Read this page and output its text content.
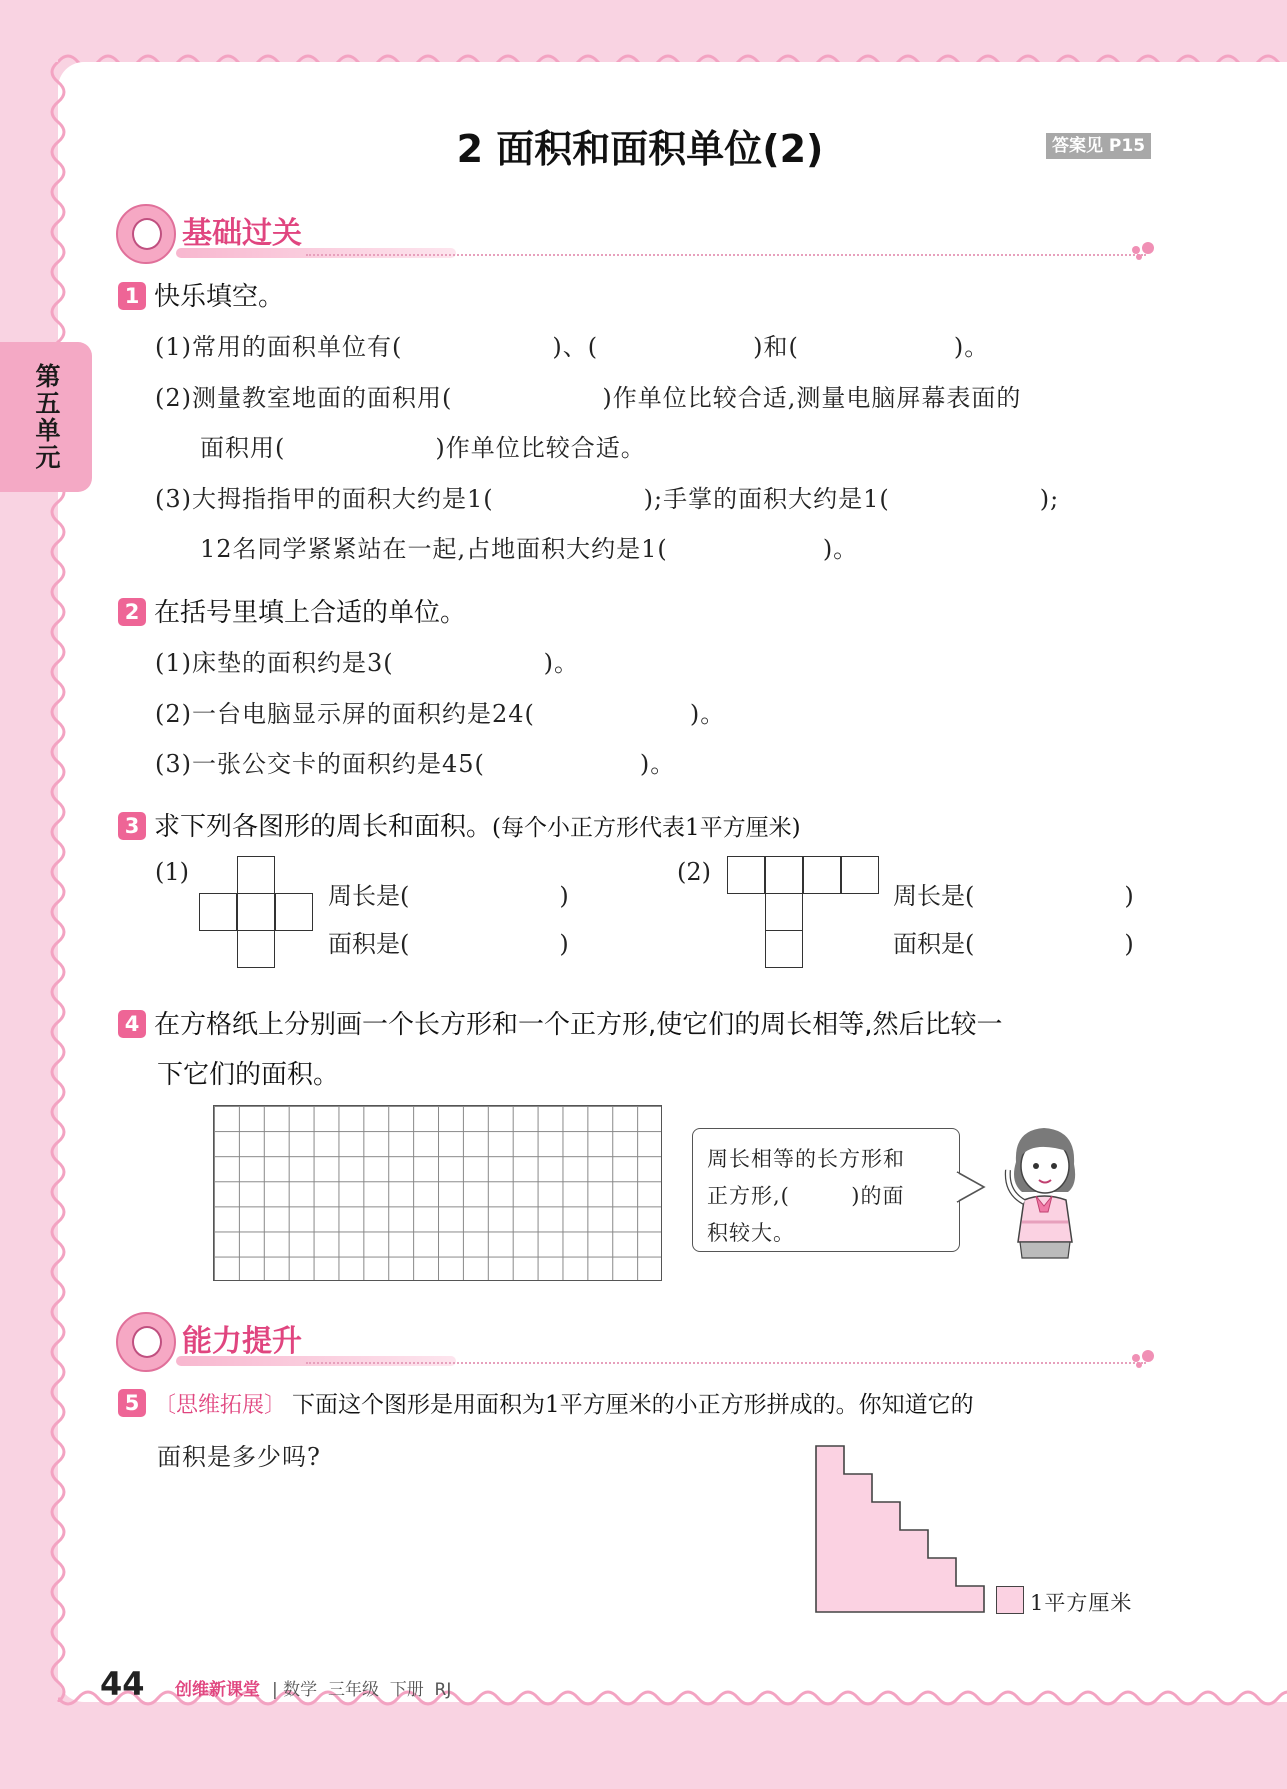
第五单元
2 面积和面积单位(2)	答案见 P15
基础过关
1 快乐填空。
(1)常用的面积单位有(	)、(	)和(	)。
(2)测量教室地面的面积用(	)作单位比较合适,测量电脑屏幕表面的
面积用(	)作单位比较合适。
(3)大拇指指甲的面积大约是1(	);手掌的面积大约是1(	);
12名同学紧紧站在一起,占地面积大约是1(	)。
2 在括号里填上合适的单位。
(1)床垫的面积约是3(	)。
(2)一台电脑显示屏的面积约是24(	)。
(3)一张公交卡的面积约是45(	)。
3 求下列各图形的周长和面积。(每个小正方形代表1平方厘米)
(1)
周长是(	)
面积是(	)
(2)
周长是(	)
面积是(	)
4 在方格纸上分别画一个长方形和一个正方形,使它们的周长相等,然后比较一
下它们的面积。
周长相等的长方形和
正方形,(        )的面
积较大。
能力提升
5 〔思维拓展〕 下面这个图形是用面积为1平方厘米的小正方形拼成的。你知道它的
面积是多少吗?
1平方厘米
44 创维新课堂 | 数学  三年级  下册  RJ
